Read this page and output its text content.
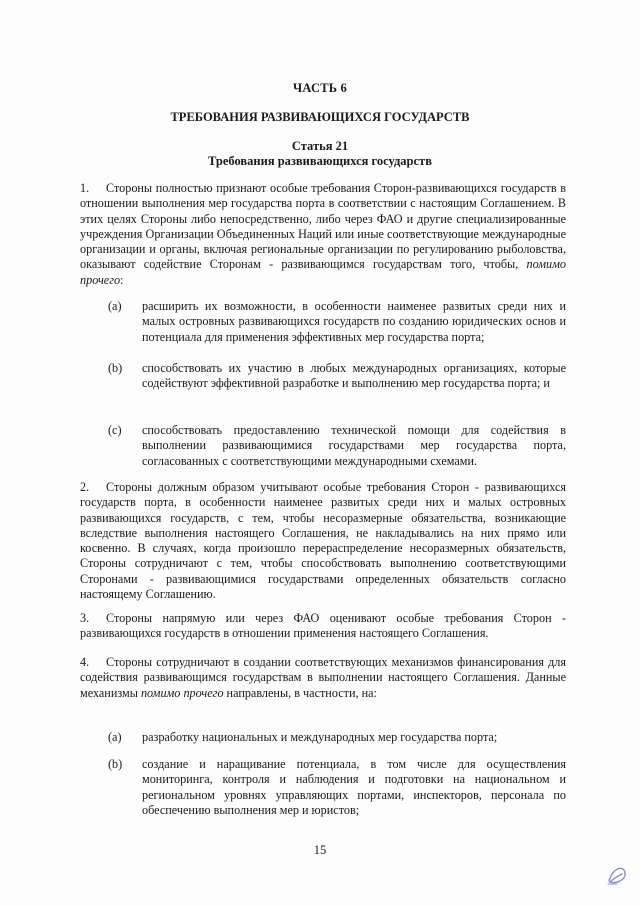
ЧАСТЬ 6
ТРЕБОВАНИЯ РАЗВИВАЮЩИХСЯ ГОСУДАРСТВ
Статья 21
Требования развивающихся государств
1. Стороны полностью признают особые требования Сторон-развивающихся государств в отношении выполнения мер государства порта в соответствии с настоящим Соглашением. В этих целях Стороны либо непосредственно, либо через ФАО и другие специализированные учреждения Организации Объединенных Наций или иные соответствующие международные организации и органы, включая региональные организации по регулированию рыболовства, оказывают содействие Сторонам - развивающимся государствам того, чтобы, помимо прочего:
(a) расширить их возможности, в особенности наименее развитых среди них и малых островных развивающихся государств по созданию юридических основ и потенциала для применения эффективных мер государства порта;
(b) способствовать их участию в любых международных организациях, которые содействуют эффективной разработке и выполнению мер государства порта; и
(c) способствовать предоставлению технической помощи для содействия в выполнении развивающимися государствами мер государства порта, согласованных с соответствующими международными схемами.
2. Стороны должным образом учитывают особые требования Сторон - развивающихся государств порта, в особенности наименее развитых среди них и малых островных развивающихся государств, с тем, чтобы несоразмерные обязательства, возникающие вследствие выполнения настоящего Соглашения, не накладывались на них прямо или косвенно. В случаях, когда произошло перераспределение несоразмерных обязательств, Стороны сотрудничают с тем, чтобы способствовать выполнению соответствующими Сторонами - развивающимися государствами определенных обязательств согласно настоящему Соглашению.
3. Стороны напрямую или через ФАО оценивают особые требования Сторон - развивающихся государств в отношении применения настоящего Соглашения.
4. Стороны сотрудничают в создании соответствующих механизмов финансирования для содействия развивающимся государствам в выполнении настоящего Соглашения. Данные механизмы помимо прочего направлены, в частности, на:
(a) разработку национальных и международных мер государства порта;
(b) создание и наращивание потенциала, в том числе для осуществления мониторинга, контроля и наблюдения и подготовки на национальном и региональном уровнях управляющих портами, инспекторов, персонала по обеспечению выполнения мер и юристов;
15
